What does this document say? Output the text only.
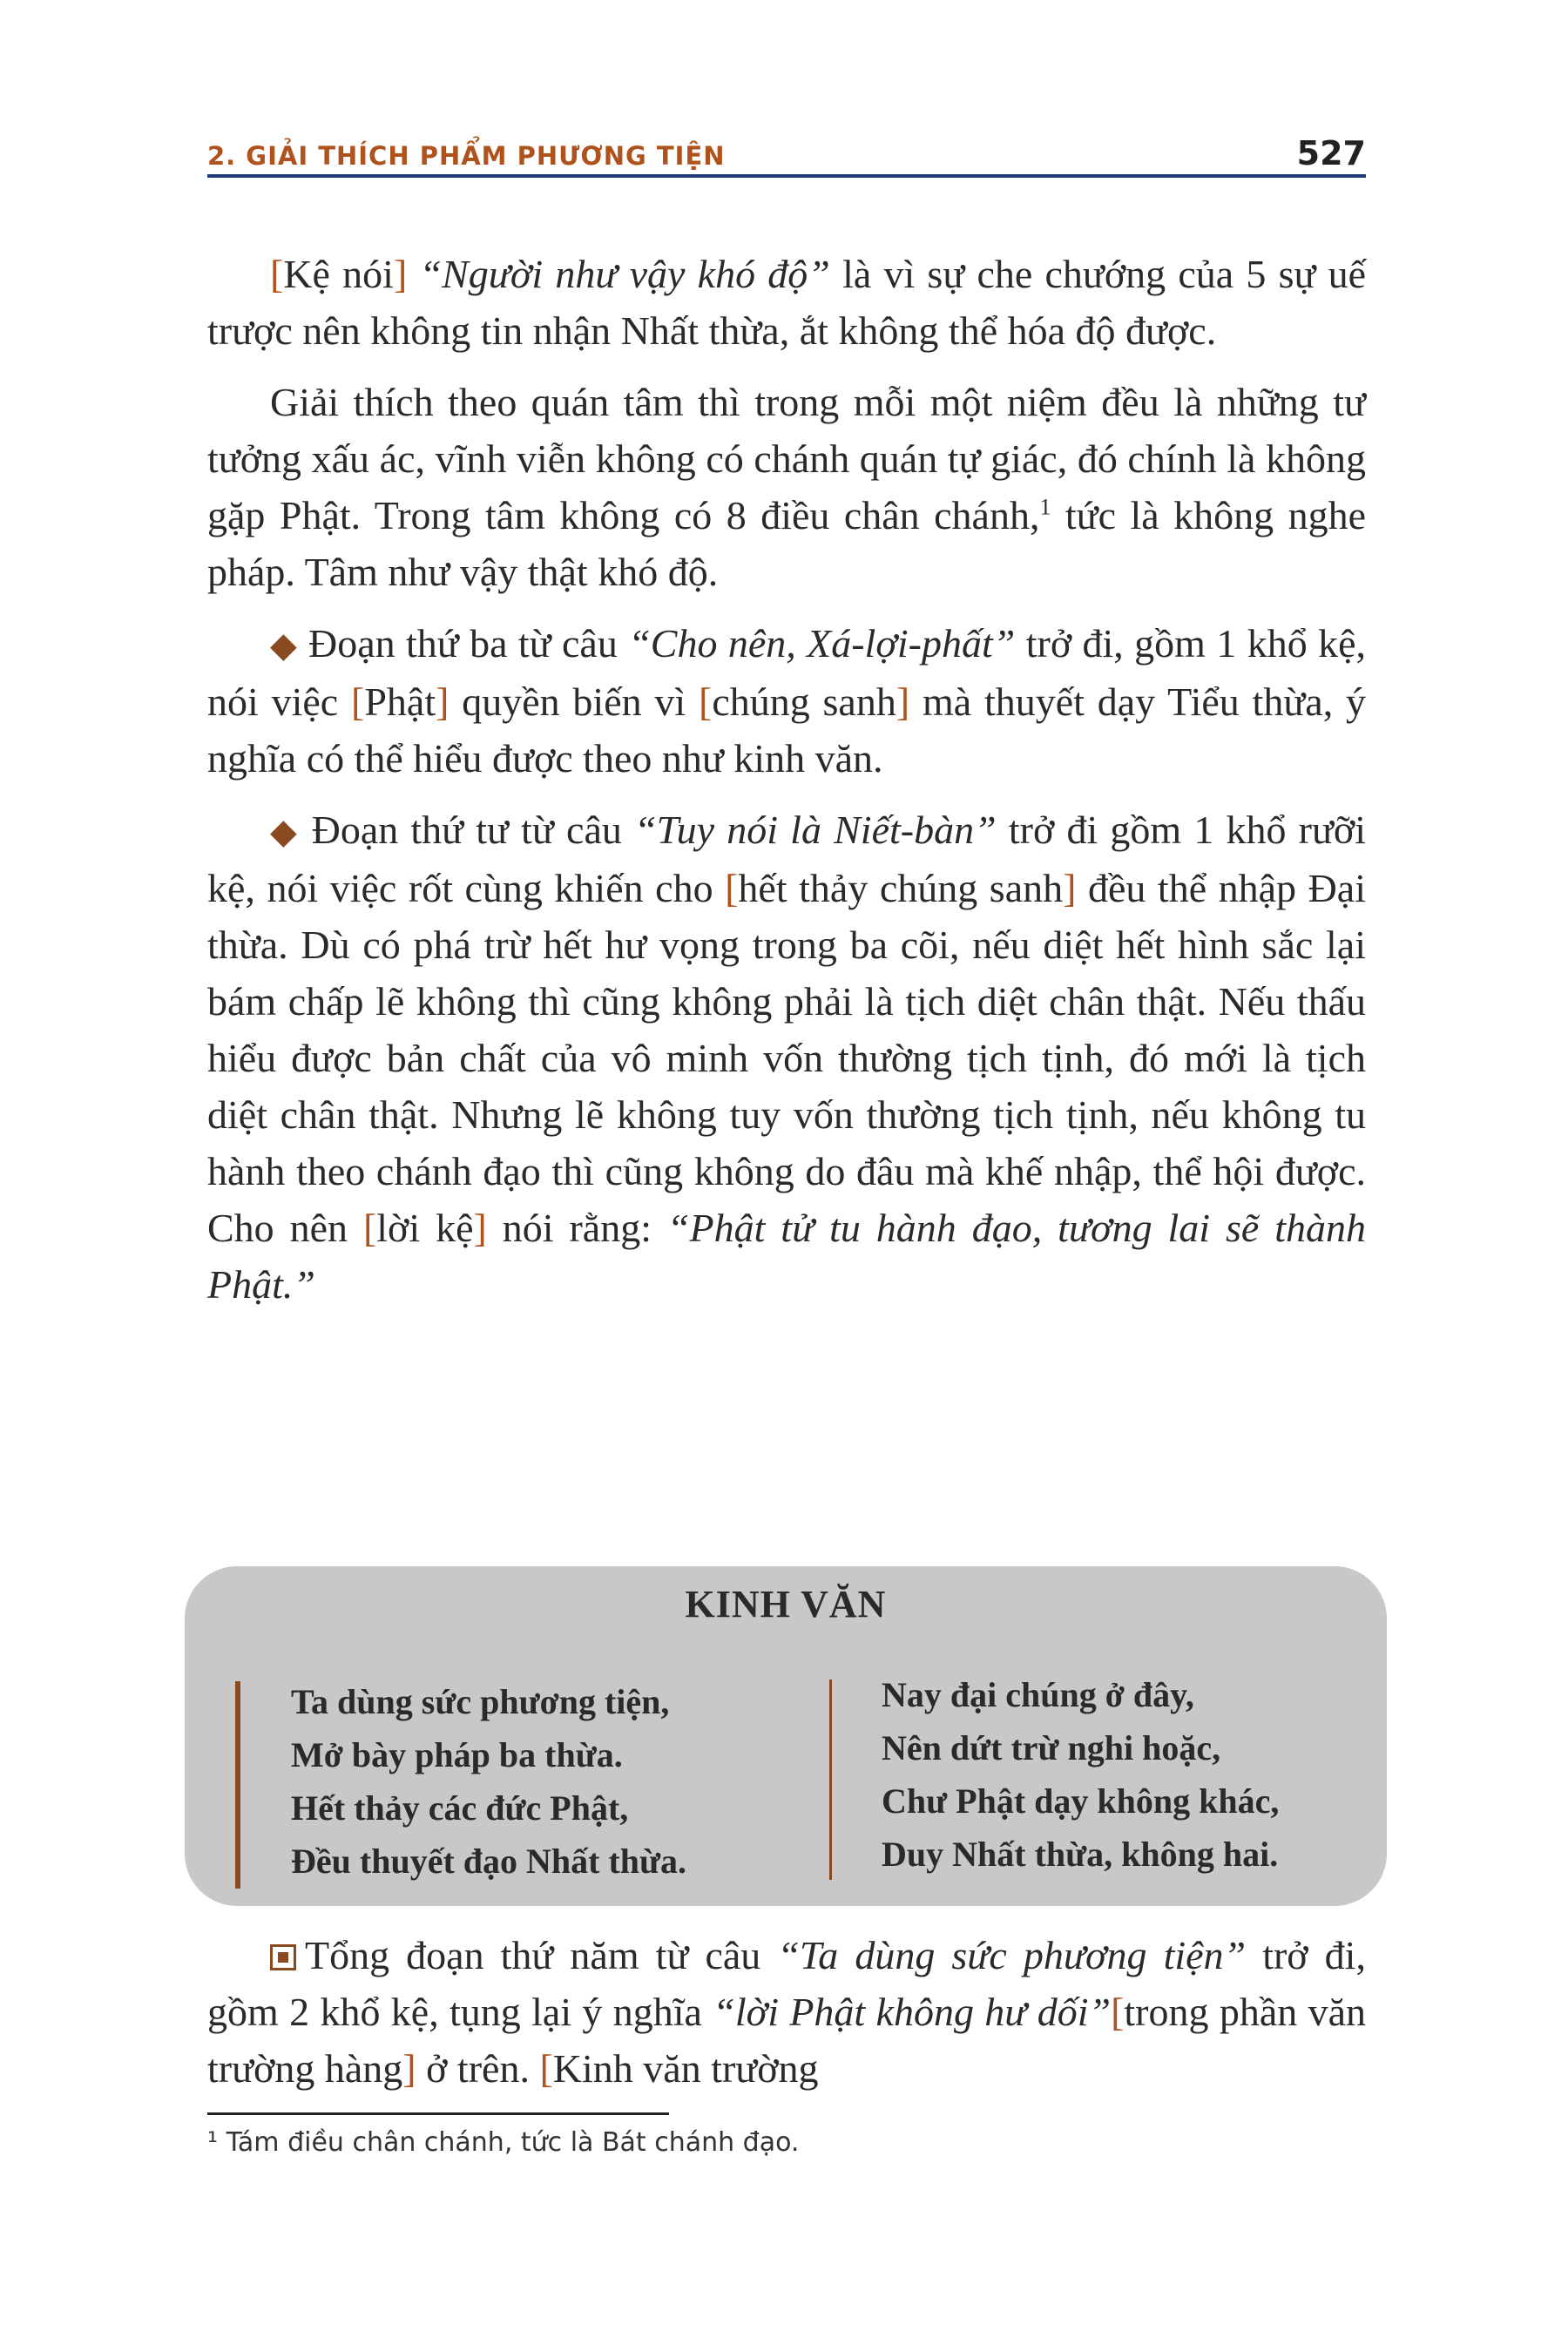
2. GIẢI THÍCH PHẨM PHƯƠNG TIỆN	527

[Kệ nói] “Người như vậy khó độ” là vì sự che chướng của 5 sự uế trược nên không tin nhận Nhất thừa, ắt không thể hóa độ được.

Giải thích theo quán tâm thì trong mỗi một niệm đều là những tư tưởng xấu ác, vĩnh viễn không có chánh quán tự giác, đó chính là không gặp Phật. Trong tâm không có 8 điều chân chánh,$^1$ tức là không nghe pháp. Tâm như vậy thật khó độ.

◆ Đoạn thứ ba từ câu “Cho nên, Xá-lợi-phất” trở đi, gồm 1 khổ kệ, nói việc [Phật] quyền biến vì [chúng sanh] mà thuyết dạy Tiểu thừa, ý nghĩa có thể hiểu được theo như kinh văn.

◆ Đoạn thứ tư từ câu “Tuy nói là Niết-bàn” trở đi gồm 1 khổ rưỡi kệ, nói việc rốt cùng khiến cho [hết thảy chúng sanh] đều thể nhập Đại thừa. Dù có phá trừ hết hư vọng trong ba cõi, nếu diệt hết hình sắc lại bám chấp lẽ không thì cũng không phải là tịch diệt chân thật. Nếu thấu hiểu được bản chất của vô minh vốn thường tịch tịnh, đó mới là tịch diệt chân thật. Nhưng lẽ không tuy vốn thường tịch tịnh, nếu không tu hành theo chánh đạo thì cũng không do đâu mà khế nhập, thể hội được. Cho nên [lời kệ] nói rằng: “Phật tử tu hành đạo, tương lai sẽ thành Phật.”

KINH VĂN
Ta dùng sức phương tiện,
Mở bày pháp ba thừa.
Hết thảy các đức Phật,
Đều thuyết đạo Nhất thừa.
Nay đại chúng ở đây,
Nên dứt trừ nghi hoặc,
Chư Phật dạy không khác,
Duy Nhất thừa, không hai.

Tổng đoạn thứ năm từ câu “Ta dùng sức phương tiện” trở đi, gồm 2 khổ kệ, tụng lại ý nghĩa “lời Phật không hư dối”[trong phần văn trường hàng] ở trên. [Kinh văn trường

¹ Tám điều chân chánh, tức là Bát chánh đạo.
